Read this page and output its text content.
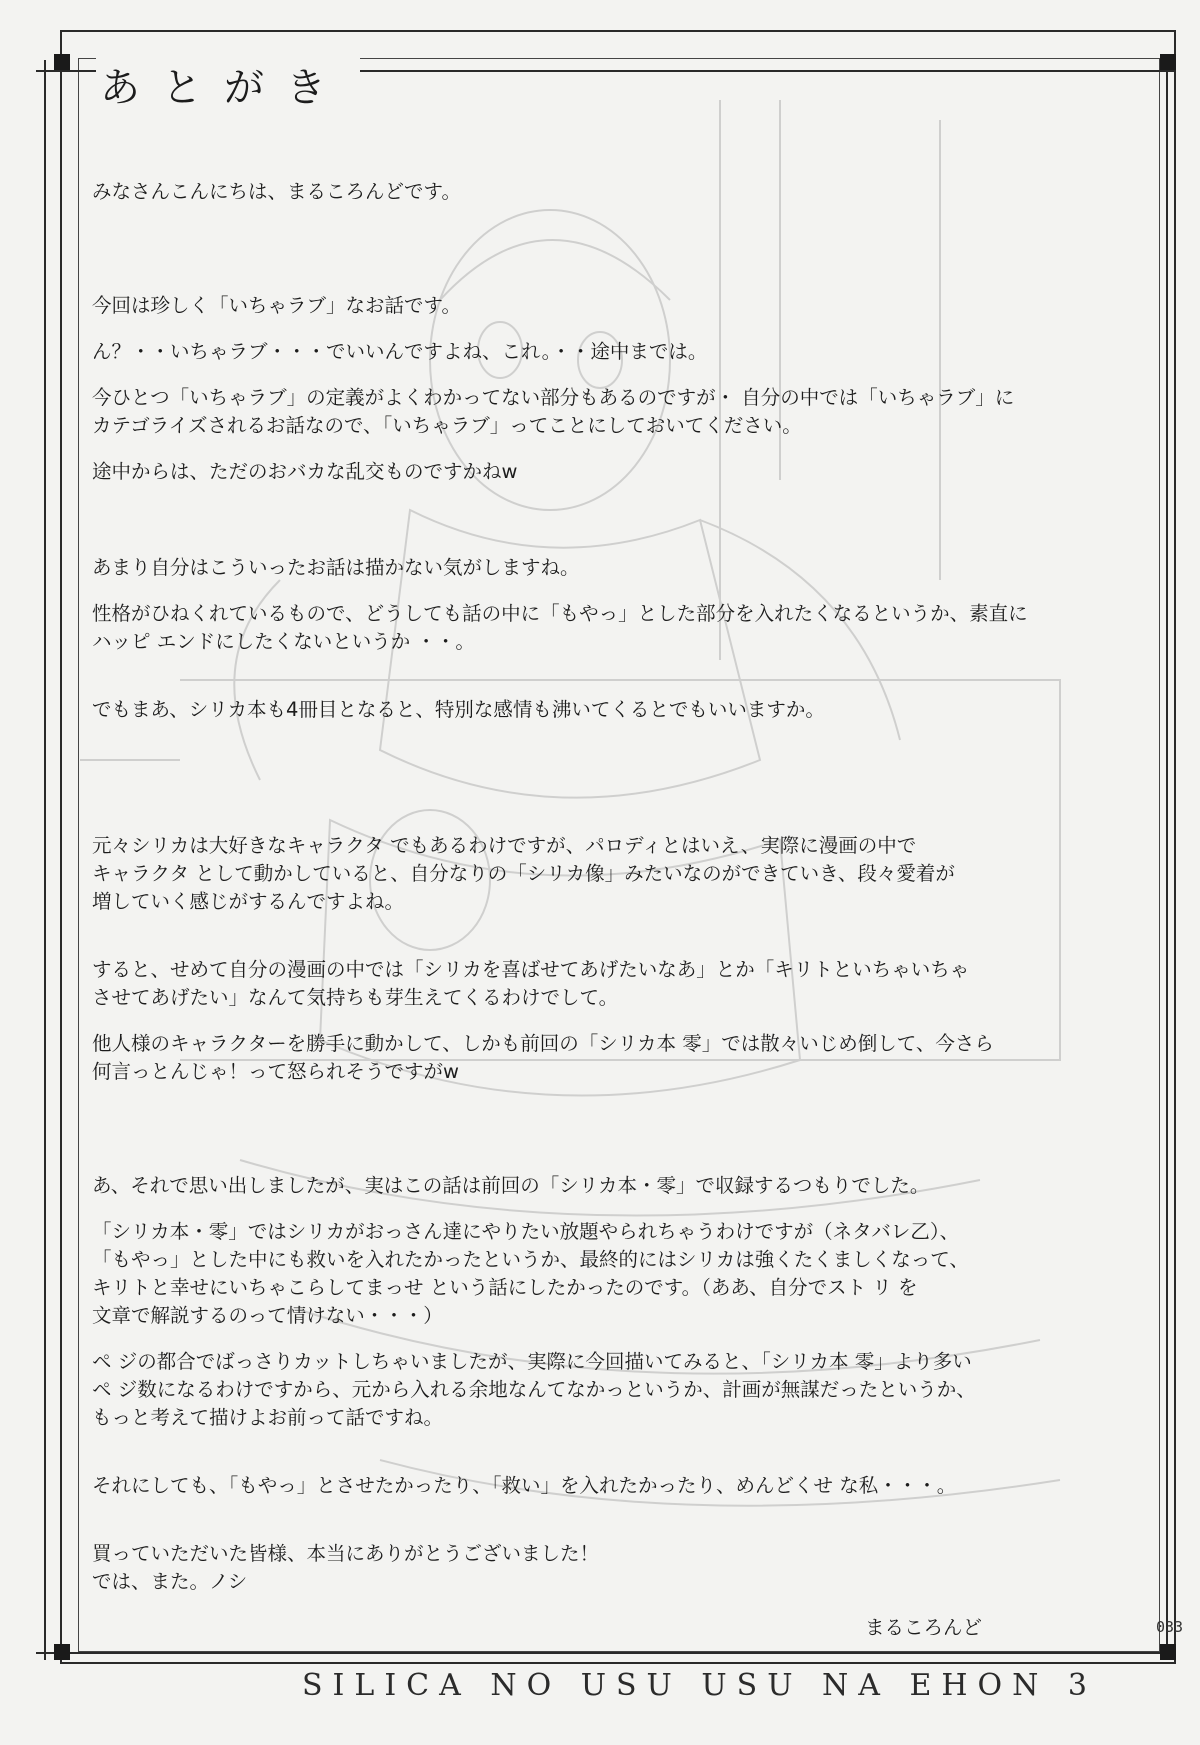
あとがき

みなさんこんにちは、まるころんどです。

今回は珍しく「いちゃラブ」なお話です。

ん？・・いちゃラブ・・・でいいんですよね、これ。・・途中までは。

今ひとつ「いちゃラブ」の定義がよくわかってない部分もあるのですが・ 自分の中では「いちゃラブ」に

カテゴライズされるお話なので、「いちゃラブ」ってことにしておいてください。

途中からは、ただのおバカな乱交ものですかねw

あまり自分はこういったお話は描かない気がしますね。

性格がひねくれているもので、どうしても話の中に「もやっ」とした部分を入れたくなるというか、素直に

ハッピ エンドにしたくないというか ・・。

でもまあ、シリカ本も4冊目となると、特別な感情も沸いてくるとでもいいますか。

元々シリカは大好きなキャラクタ でもあるわけですが、パロディとはいえ、実際に漫画の中で

キャラクタ として動かしていると、自分なりの「シリカ像」みたいなのができていき、段々愛着が

増していく感じがするんですよね。

すると、せめて自分の漫画の中では「シリカを喜ばせてあげたいなあ」とか「キリトといちゃいちゃ

させてあげたい」なんて気持ちも芽生えてくるわけでして。

他人様のキャラクターを勝手に動かして、しかも前回の「シリカ本 零」では散々いじめ倒して、今さら

何言っとんじゃ！って怒られそうですがw

あ、それで思い出しましたが、実はこの話は前回の「シリカ本・零」で収録するつもりでした。

「シリカ本・零」ではシリカがおっさん達にやりたい放題やられちゃうわけですが（ネタバレ乙）、

「もやっ」とした中にも救いを入れたかったというか、最終的にはシリカは強くたくましくなって、

キリトと幸せにいちゃこらしてまっせ という話にしたかったのです。（ああ、自分でスト リ を

文章で解説するのって情けない・・・）

ペ ジの都合でばっさりカットしちゃいましたが、実際に今回描いてみると、「シリカ本 零」より多い

ペ ジ数になるわけですから、元から入れる余地なんてなかっというか、計画が無謀だったというか、

もっと考えて描けよお前って話ですね。

それにしても、「もやっ」とさせたかったり、「救い」を入れたかったり、めんどくせ な私・・・。

買っていただいた皆様、本当にありがとうございました！

では、また。ノシ

まるころんど	033
SILICA NO USU USU NA EHON 3
